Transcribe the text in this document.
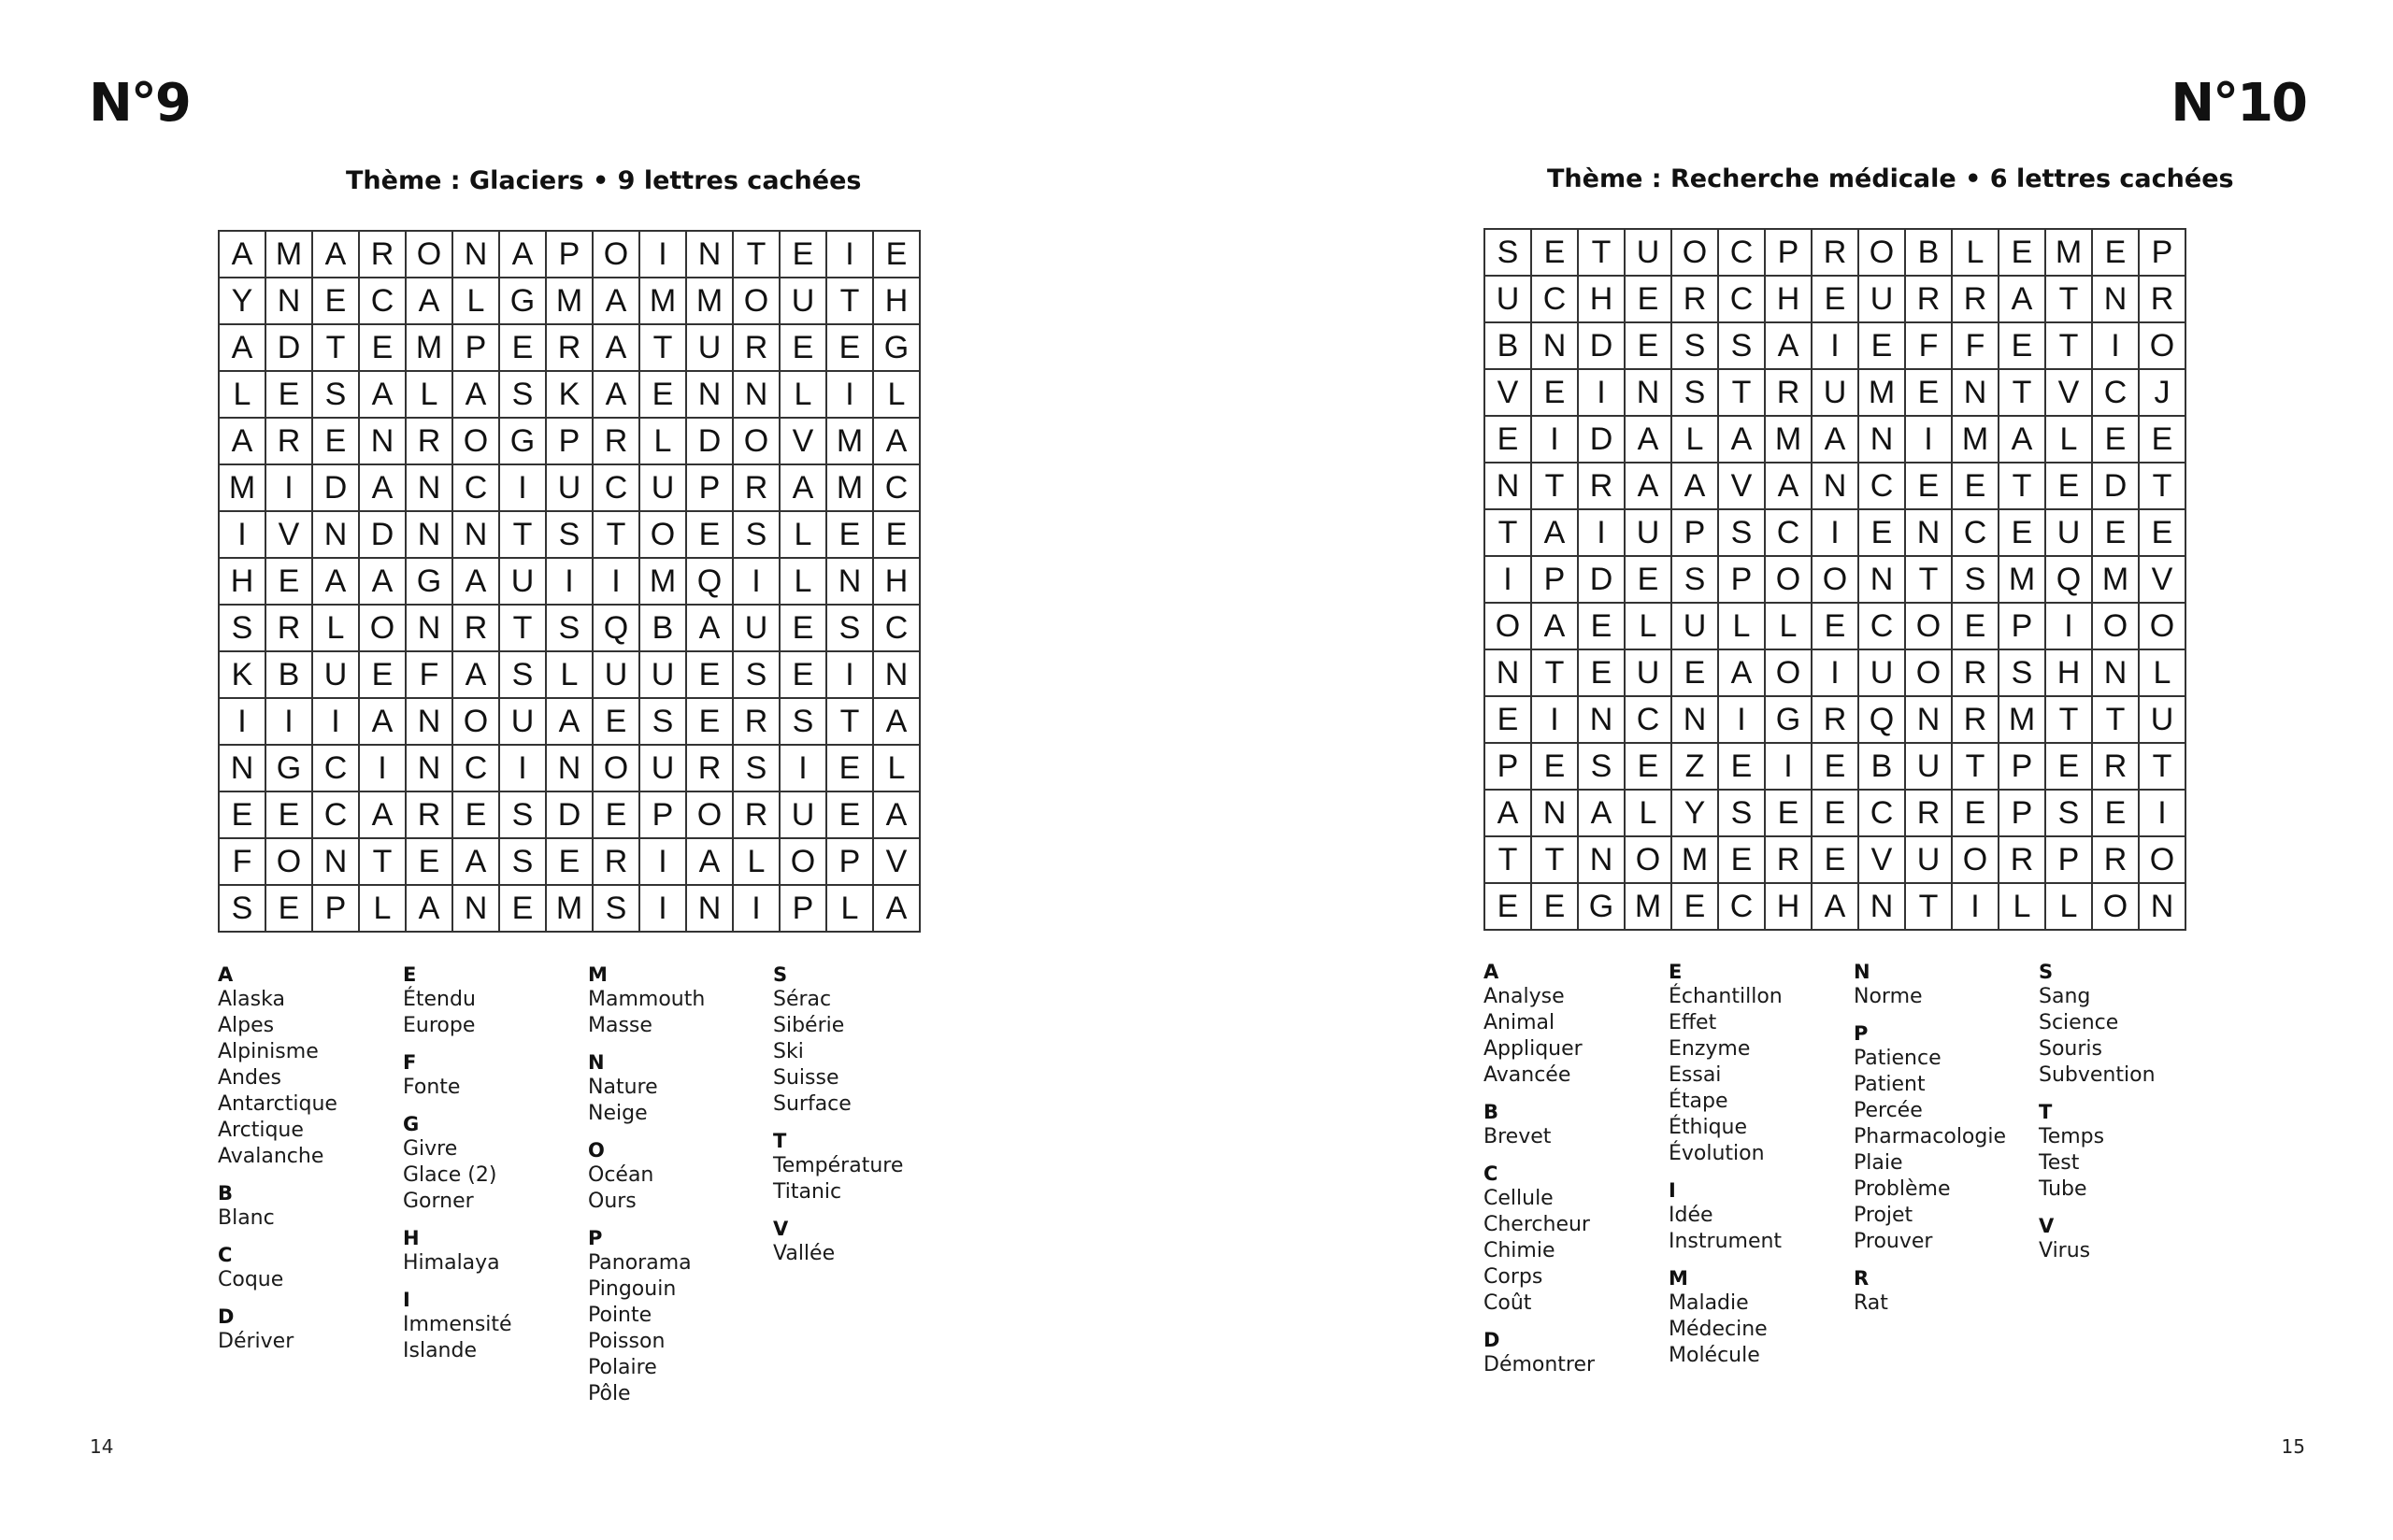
N°9
Thème : Glaciers • 9 lettres cachées
A M A R O N A P O I N T E I E
Y N E C A L G M A M M O U T H
A D T E M P E R A T U R E E G
L E S A L A S K A E N N L	I	L
A R E N R O G P R L D O V M A
M I D A N C I U C U P R A M C
I V N D N N T S T O E S L E E
H E A A G A U I	I M Q I	L N H
S R L O N R T S Q B A U E S C
K B U E F A S L U U E S E I N
I	I	I A N O U A E S E R S T A
N G C I N C I N O U R S I E L
E E C A R E S D E P O R U E A
F O N T E A S E R I A L O P V
S E P L A N E M S I N I P L A
A
Alaska
Alpes
Alpinisme
Andes
Antarctique
Arctique
Avalanche
B
Blanc
C
Coque
D
Dériver
E
Étendu
Europe
F
Fonte
G
Givre
Glace (2)
Gorner
H
Himalaya
I
Immensité
Islande
M
Mammouth
Masse
N
Nature
Neige
O
Océan
Ours
P
Panorama
Pingouin
Pointe
Poisson
Polaire
Pôle
S
Sérac
Sibérie
Ski
Suisse
Surface
T
Température
Titanic
V
Vallée
14
N°10
Thème : Recherche médicale • 6 lettres cachées
S E T U O C P R O B L E M E P
U C H E R C H E U R R A T N R
B N D E S S A I E F F E T	I O
V E I N S T R U M E N T V C J
E I D A L A M A N I M A L E E
N T R A A V A N C E E T E D T
T A I U P S C I E N C E U E E
I P D E S P O O N T S M Q M V
O A E L U L L E C O E P I O O
N T E U E A O I U O R S H N L
E I N C N I G R Q N R M T T U
P E S E Z E I E B U T P E R T
A N A L Y S E E C R E P S E I
T T N O M E R E V U O R P R O
E E G M E C H A N T	I	L L O N
A
Analyse
Animal
Appliquer
Avancée
B
Brevet
C
Cellule
Chercheur
Chimie
Corps
Coût
D
Démontrer
E
Échantillon
Effet
Enzyme
Essai
Étape
Éthique
Évolution
I
Idée
Instrument
M
Maladie
Médecine
Molécule
N
Norme
P
Patience
Patient
Percée
Pharmacologie
Plaie
Problème
Projet
Prouver
R
Rat
S
Sang
Science
Souris
Subvention
T
Temps
Test
Tube
V
Virus
15
